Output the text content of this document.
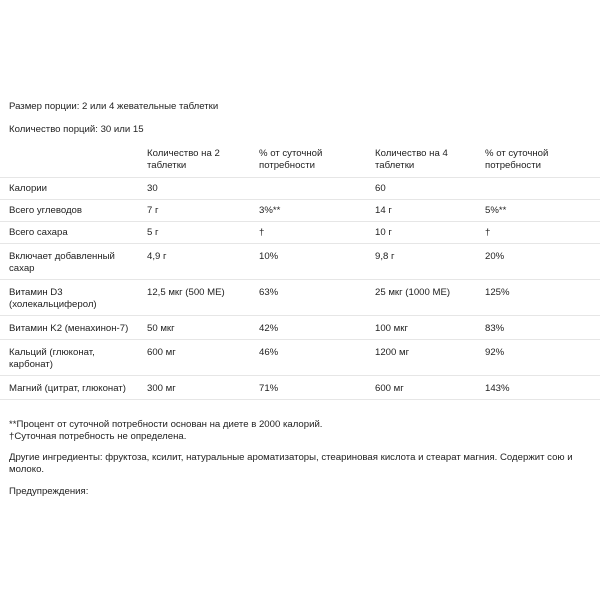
Размер порции: 2 или 4 жевательные таблетки
Количество порций: 30 или 15
	Количество на 2 таблетки	% от суточной потребности	Количество на 4 таблетки	% от суточной потребности
Калории	30		60	
Всего углеводов	7 г	3%**	14 г	5%**
Всего сахара	5 г	†	10 г	†
Включает добавленный сахар	4,9 г	10%	9,8 г	20%
Витамин D3 (холекальциферол)	12,5 мкг (500 МЕ)	63%	25 мкг (1000 МЕ)	125%
Витамин K2 (менахинон-7)	50 мкг	42%	100 мкг	83%
Кальций (глюконат, карбонат)	600 мг	46%	1200 мг	92%
Магний (цитрат, глюконат)	300 мг	71%	600 мг	143%
**Процент от суточной потребности основан на диете в 2000 калорий.
†Суточная потребность не определена.
Другие ингредиенты: фруктоза, ксилит, натуральные ароматизаторы, стеариновая кислота и стеарат магния. Содержит сою и молоко.
Предупреждения:
